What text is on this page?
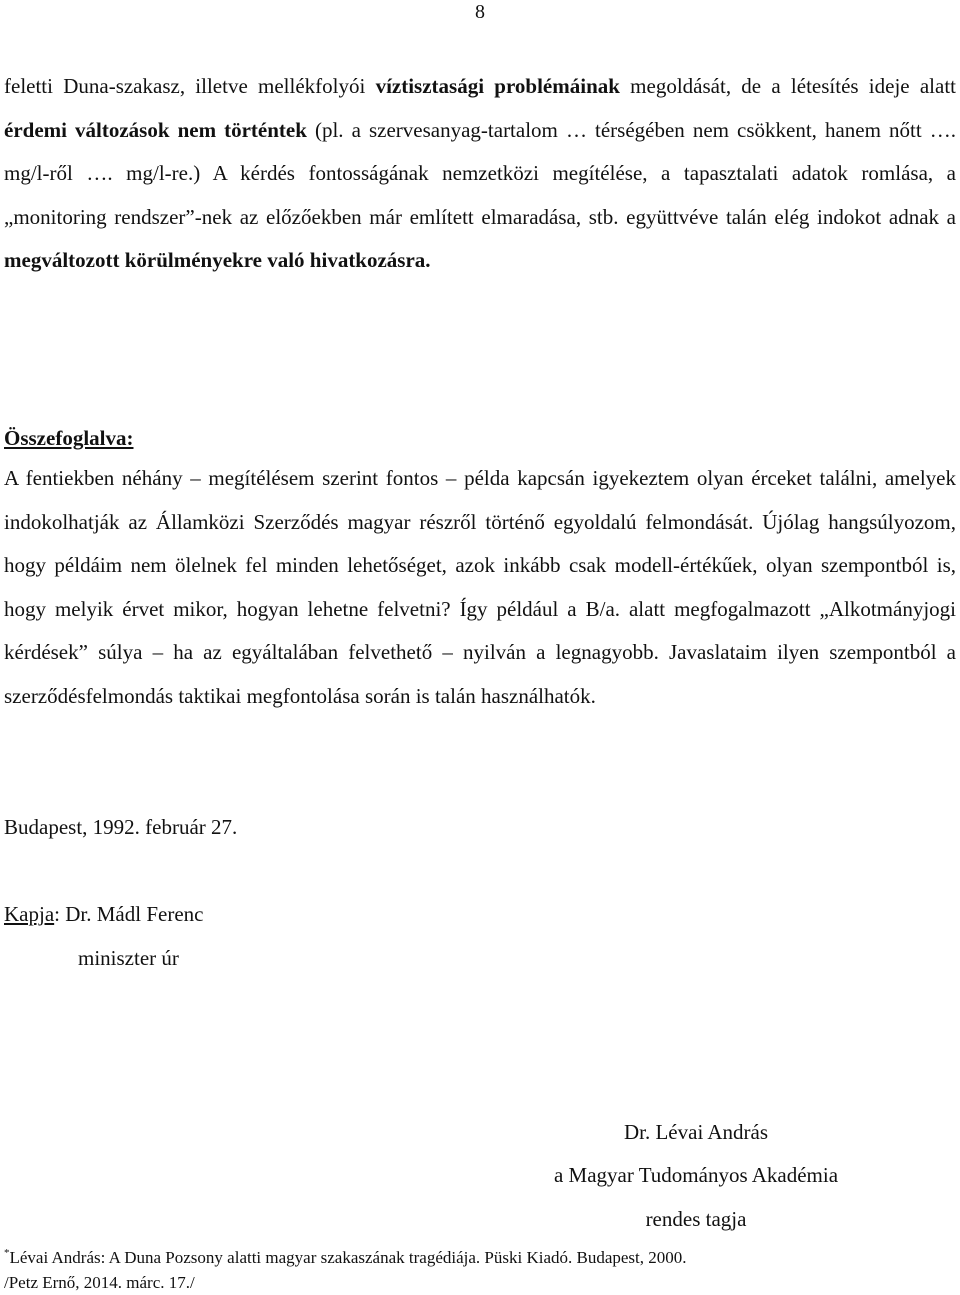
8

feletti Duna-szakasz, illetve mellékfolyói víztisztasági problémáinak megoldását, de a létesítés ideje alatt érdemi változások nem történtek (pl. a szervesanyag-tartalom … térségében nem csökkent, hanem nőtt …. mg/l-ről …. mg/l-re.) A kérdés fontosságának nemzetközi megítélése, a tapasztalati adatok romlása, a „monitoring rendszer”-nek az előzőekben már említett elmaradása, stb. együttvéve talán elég indokot adnak a megváltozott körülményekre való hivatkozásra.

Összefoglalva:

A fentiekben néhány – megítélésem szerint fontos – példa kapcsán igyekeztem olyan érceket találni, amelyek indokolhatják az Államközi Szerződés magyar részről történő egyoldalú felmondását. Újólag hangsúlyozom, hogy példáim nem ölelnek fel minden lehetőséget, azok inkább csak modell-értékűek, olyan szempontból is, hogy melyik érvet mikor, hogyan lehetne felvetni? Így például a B/a. alatt megfogalmazott „Alkotmányjogi kérdések” súlya – ha az egyáltalában felvethető – nyilván a legnagyobb. Javaslataim ilyen szempontból a szerződésfelmondás taktikai megfontolása során is talán használhatók.

Budapest, 1992. február 27.
Kapja: Dr. Mádl Ferenc
miniszter úr
Dr. Lévai András
a Magyar Tudományos Akadémia
rendes tagja
*Lévai András: A Duna Pozsony alatti magyar szakaszának tragédiája. Püski Kiadó. Budapest, 2000.
/Petz Ernő, 2014. márc. 17./
